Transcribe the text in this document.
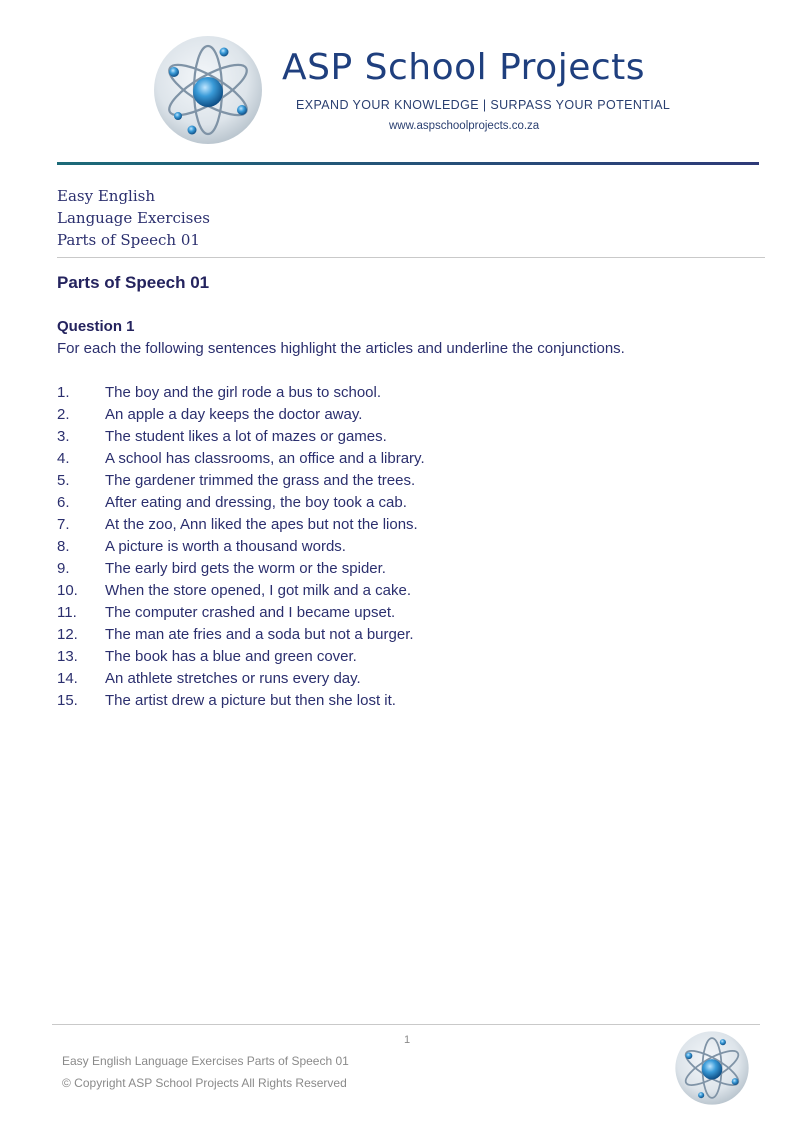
ASP School Projects
EXPAND YOUR KNOWLEDGE | SURPASS YOUR POTENTIAL
www.aspschoolprojects.co.za
Easy English
Language Exercises
Parts of Speech 01
Parts of Speech 01
Question 1
For each the following sentences highlight the articles and underline the conjunctions.
1. The boy and the girl rode a bus to school.
2. An apple a day keeps the doctor away.
3. The student likes a lot of mazes or games.
4. A school has classrooms, an office and a library.
5. The gardener trimmed the grass and the trees.
6. After eating and dressing, the boy took a cab.
7. At the zoo, Ann liked the apes but not the lions.
8. A picture is worth a thousand words.
9. The early bird gets the worm or the spider.
10. When the store opened, I got milk and a cake.
11. The computer crashed and I became upset.
12. The man ate fries and a soda but not a burger.
13. The book has a blue and green cover.
14. An athlete stretches or runs every day.
15. The artist drew a picture but then she lost it.
1
Easy English Language Exercises Parts of Speech 01
© Copyright ASP School Projects All Rights Reserved
